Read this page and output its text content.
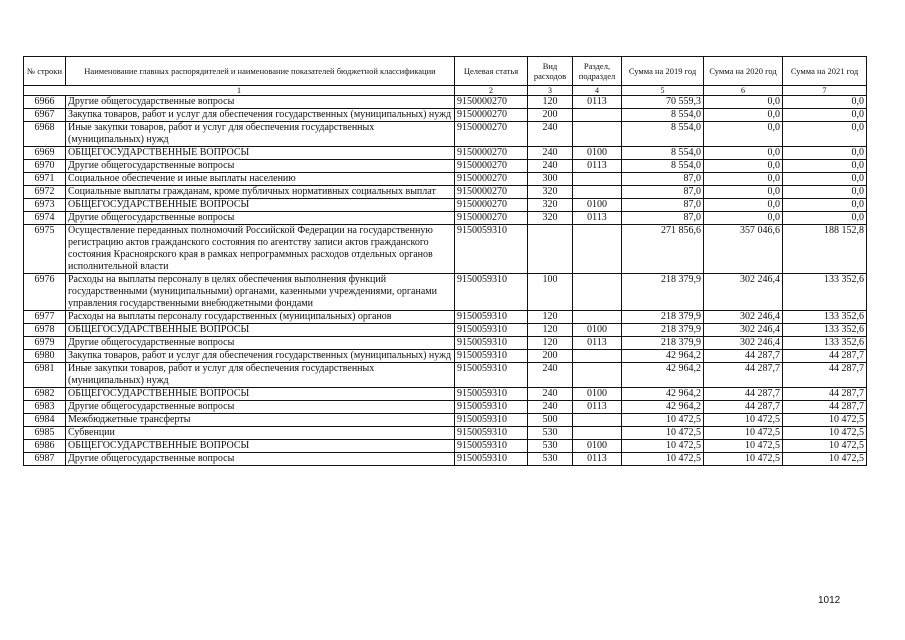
№ строки	Наименование главных распорядителей и наименование показателей бюджетной классификации	Целевая статья	Вид расходов	Раздел, подраздел	Сумма на 2019 год	Сумма на 2020 год	Сумма на 2021 год
1		2	3	4	5	6	7
6966	Другие общегосударственные вопросы	9150000270	120	0113	70 559,3	0,0	0,0
6967	Закупка товаров, работ и услуг для обеспечения государственных (муниципальных) нужд	9150000270	200		8 554,0	0,0	0,0
6968	Иные закупки товаров, работ и услуг для обеспечения государственных (муниципальных) нужд	9150000270	240		8 554,0	0,0	0,0
6969	ОБЩЕГОСУДАРСТВЕННЫЕ ВОПРОСЫ	9150000270	240	0100	8 554,0	0,0	0,0
6970	Другие общегосударственные вопросы	9150000270	240	0113	8 554,0	0,0	0,0
6971	Социальное обеспечение и иные выплаты населению	9150000270	300		87,0	0,0	0,0
6972	Социальные выплаты гражданам, кроме публичных нормативных социальных выплат	9150000270	320		87,0	0,0	0,0
6973	ОБЩЕГОСУДАРСТВЕННЫЕ ВОПРОСЫ	9150000270	320	0100	87,0	0,0	0,0
6974	Другие общегосударственные вопросы	9150000270	320	0113	87,0	0,0	0,0
6975	Осуществление переданных полномочий Российской Федерации на государственную регистрацию актов гражданского состояния по агентству записи актов гражданского состояния Красноярского края в рамках непрограммных расходов отдельных органов исполнительной власти	9150059310			271 856,6	357 046,6	188 152,8
6976	Расходы на выплаты персоналу в целях обеспечения выполнения функций государственными (муниципальными) органами, казенными учреждениями, органами управления государственными внебюджетными фондами	9150059310	100		218 379,9	302 246,4	133 352,6
6977	Расходы на выплаты персоналу государственных (муниципальных) органов	9150059310	120		218 379,9	302 246,4	133 352,6
6978	ОБЩЕГОСУДАРСТВЕННЫЕ ВОПРОСЫ	9150059310	120	0100	218 379,9	302 246,4	133 352,6
6979	Другие общегосударственные вопросы	9150059310	120	0113	218 379,9	302 246,4	133 352,6
6980	Закупка товаров, работ и услуг для обеспечения государственных (муниципальных) нужд	9150059310	200		42 964,2	44 287,7	44 287,7
6981	Иные закупки товаров, работ и услуг для обеспечения государственных (муниципальных) нужд	9150059310	240		42 964,2	44 287,7	44 287,7
6982	ОБЩЕГОСУДАРСТВЕННЫЕ ВОПРОСЫ	9150059310	240	0100	42 964,2	44 287,7	44 287,7
6983	Другие общегосударственные вопросы	9150059310	240	0113	42 964,2	44 287,7	44 287,7
6984	Межбюджетные трансферты	9150059310	500		10 472,5	10 472,5	10 472,5
6985	Субвенции	9150059310	530		10 472,5	10 472,5	10 472,5
6986	ОБЩЕГОСУДАРСТВЕННЫЕ ВОПРОСЫ	9150059310	530	0100	10 472,5	10 472,5	10 472,5
6987	Другие общегосударственные вопросы	9150059310	530	0113	10 472,5	10 472,5	10 472,5
1012
